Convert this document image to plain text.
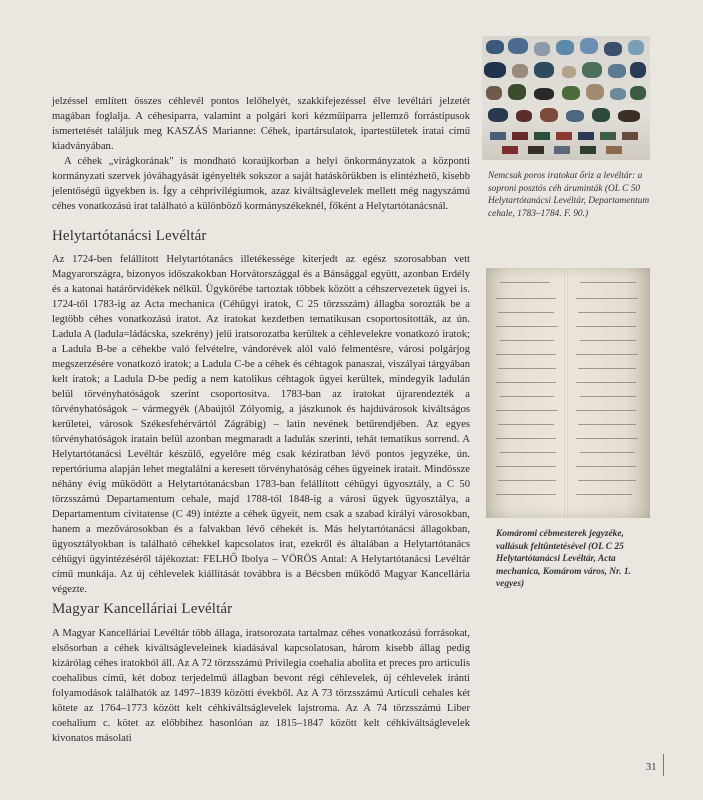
jelzéssel említett összes céhlevél pontos lelőhelyét, szakkifejezéssel élve levéltári jelzetét magában foglalja. A céhesiparra, valamint a polgári kori kézműiparra jellemző forrástípusok ismertetését találjuk meg KASZÁS Marianne: Céhek, ipartársulatok, ipartestületek iratai című kiadványában.

A céhek „virágkorának" is mondható koraújkorban a helyi önkormányzatok a központi kormányzati szervek jóváhagyását igényelték sokszor a saját hatáskörükben is elintézhető, kisebb jelentőségű ügyekben is. Így a céhprivilégiumok, azaz kiváltságlevelek mellett még nagyszámú céhes vonatkozású irat található a különböző kormányszékeknél, főként a Helytartótanácsnál.

Helytartótanácsi Levéltár

Az 1724-ben felállított Helytartótanács illetékessége kiterjedt az egész szorosabban vett Magyarországra, bizonyos időszakokban Horvátországgal és a Bánsággal együtt, azonban Erdély és a katonai határőrvidékek nélkül. Ügykörébe tartoztak többek között a céhszervezetek ügyei is. 1724-től 1783-ig az Acta mechanica (Céhügyi iratok, C 25 törzsszám) állagba sorozták be a legtöbb céhes vonatkozású iratot. Az iratokat kezdetben tematikusan csoportosították, az ún. Ladula A (ladula=ládácska, szekrény) jelű iratsorozatba kerültek a céhlevelekre vonatkozó iratok; a Ladula B-be a céhekbe való felvételre, vándorévek alól való felmentésre, városi polgárjog megszerzésére vonatkozó iratok; a Ladula C-be a céhek és céhtagok panaszai, viszályai tárgyában kelt iratok; a Ladula D-be pedig a nem katolikus céhtagok ügyei kerültek, mindegyik ladulán belül törvényhatóságok szerint csoportosítva. 1783-ban az iratokat újrarendezték a törvényhatóságok – vármegyék (Abaújtól Zólyomig, a jászkunok és hajdúvárosok kiváltságos kerületei, városok Székesfehérvártól Zágrábig) – latin nevének betűrendjében. Az egyes törvényhatóságok iratain belül azonban megmaradt a laduláк szerinti, tehát tematikus sorrend. A Helytartótanácsi Levéltár készülő, egyelőre még csak kéziratban lévő pontos jegyzéke, ún. repertóriuma alapján lehet megtalálni a keresett törvényhatóság céhes ügyeinek iratait. Mindössze néhány évig működött a Helytartótanácsban 1783-ban felállított céhügyi ügyosztály, a C 50 törzsszámú Departamentum cehale, majd 1788-tól 1848-ig a városi ügyek ügyosztálya, a Departamentum civitatense (C 49) intézte a céhek ügyeit, nem csak a szabad királyi városokban, hanem a mezővárosokban és a falvakban lévő céhekét is. Más helytartótanácsi állagokban, ügyosztályokban is található céhekkel kapcsolatos irat, ezekről és általában a Helytartótanács céhügyi ügyintézéséről tájékoztat: FELHŐ Ibolya – VÖRÖS Antal: A Helytartótanácsi Levéltár című munkája. Az új céhlevelek kiállítását továbbra is a Bécsben működő Magyar Kancellária végezte.

Magyar Kancelláriai Levéltár

A Magyar Kancelláriai Levéltár több állaga, iratsorozata tartalmaz céhes vonatkozású forrásokat, elsősorban a céhek kiváltságleveleinek kiadásával kapcsolatosan, három kisebb állag pedig kizárólag céhes iratokból áll. Az A 72 törzsszámú Privilegia coehalia abolita et preces pro articulis coehalibus című, két doboz terjedelmű állagban bevont régi céhlevelek, új céhlevelek iránti folyamodások találhatók az 1497–1839 közötti évekből. Az A 73 törzsszámú Articuli cehales két kötete az 1764–1773 között kelt céhkiváltságlevelek lajstroma. Az A 74 törzsszámú Liber coehalium c. kötet az előbbihez hasonlóan az 1815–1847 között kelt céhkiváltságlevelek kivonatos másolati

Nemcsak poros iratokat őriz a levéltár: a soproni posztós céh áruminták (OL C 50 Helytartótanácsi Levéltár, Departamentum cehale, 1783–1784. F. 90.)
Komáromi cébmesterek jegyzéke, vallásuk feltüntetésével (OL C 25 Helytartótanácsi Levéltár, Acta mechanica, Komárom város, Nr. 1. vegyes)
31
